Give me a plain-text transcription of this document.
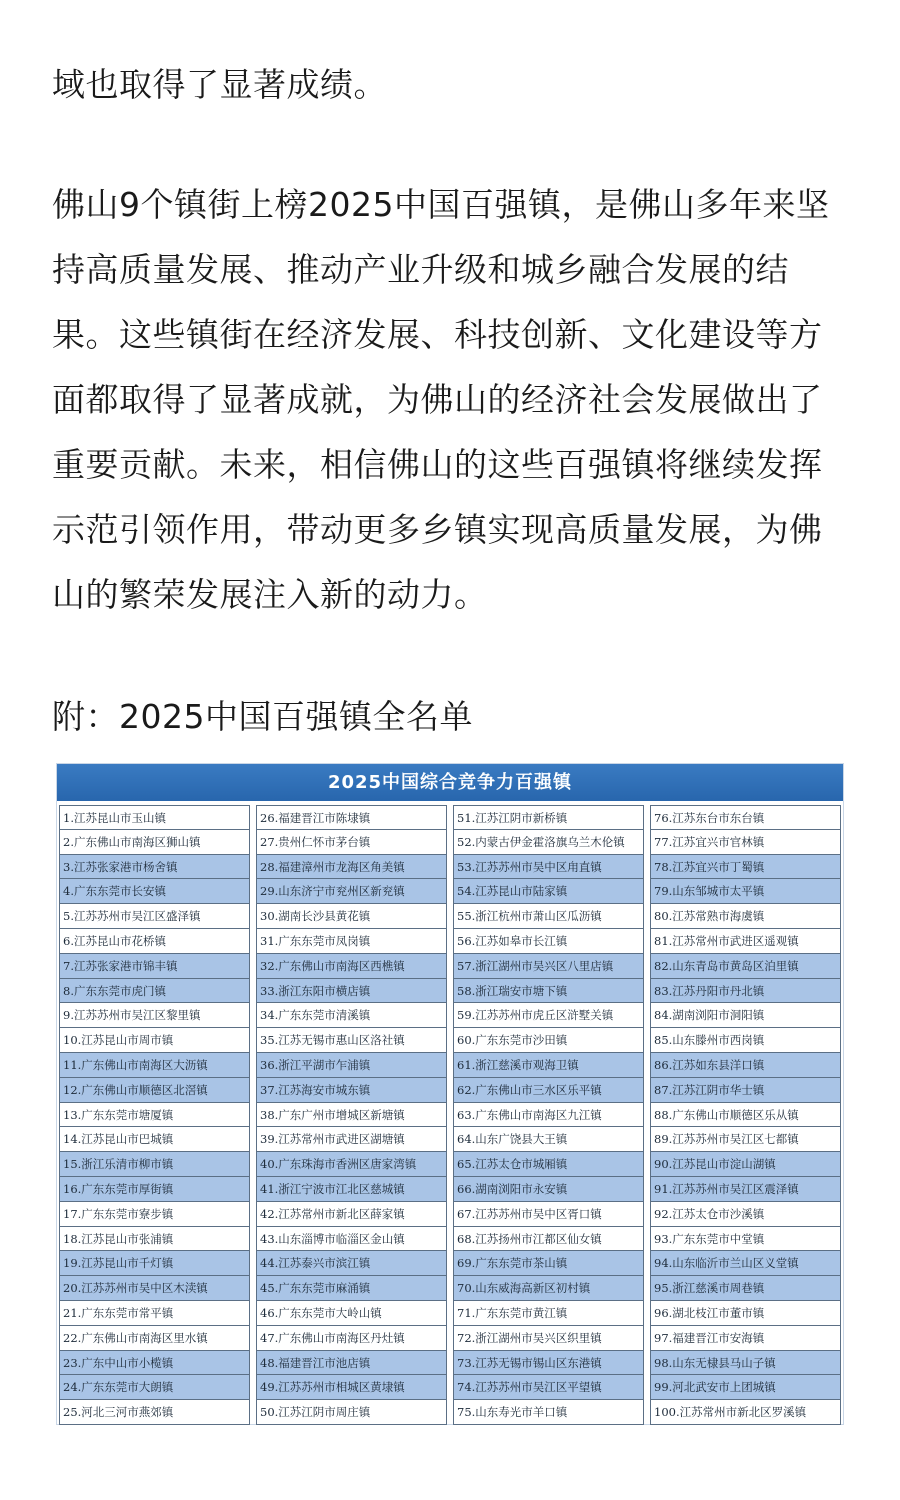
域也取得了显著成绩。

佛山9个镇街上榜2025中国百强镇，是佛山多年来坚持高质量发展、推动产业升级和城乡融合发展的结果。这些镇街在经济发展、科技创新、文化建设等方面都取得了显著成就，为佛山的经济社会发展做出了重要贡献。未来，相信佛山的这些百强镇将继续发挥示范引领作用，带动更多乡镇实现高质量发展，为佛山的繁荣发展注入新的动力。

附：2025中国百强镇全名单

2025中国综合竞争力百强镇
1.江苏昆山市玉山镇
2.广东佛山市南海区狮山镇
3.江苏张家港市杨舍镇
4.广东东莞市长安镇
5.江苏苏州市吴江区盛泽镇
6.江苏昆山市花桥镇
7.江苏张家港市锦丰镇
8.广东东莞市虎门镇
9.江苏苏州市吴江区黎里镇
10.江苏昆山市周市镇
11.广东佛山市南海区大沥镇
12.广东佛山市顺德区北滘镇
13.广东东莞市塘厦镇
14.江苏昆山市巴城镇
15.浙江乐清市柳市镇
16.广东东莞市厚街镇
17.广东东莞市寮步镇
18.江苏昆山市张浦镇
19.江苏昆山市千灯镇
20.江苏苏州市吴中区木渎镇
21.广东东莞市常平镇
22.广东佛山市南海区里水镇
23.广东中山市小榄镇
24.广东东莞市大朗镇
25.河北三河市燕郊镇
26.福建晋江市陈埭镇
27.贵州仁怀市茅台镇
28.福建漳州市龙海区角美镇
29.山东济宁市兖州区新兖镇
30.湖南长沙县黄花镇
31.广东东莞市凤岗镇
32.广东佛山市南海区西樵镇
33.浙江东阳市横店镇
34.广东东莞市清溪镇
35.江苏无锡市惠山区洛社镇
36.浙江平湖市乍浦镇
37.江苏海安市城东镇
38.广东广州市增城区新塘镇
39.江苏常州市武进区湖塘镇
40.广东珠海市香洲区唐家湾镇
41.浙江宁波市江北区慈城镇
42.江苏常州市新北区薛家镇
43.山东淄博市临淄区金山镇
44.江苏泰兴市滨江镇
45.广东东莞市麻涌镇
46.广东东莞市大岭山镇
47.广东佛山市南海区丹灶镇
48.福建晋江市池店镇
49.江苏苏州市相城区黄埭镇
50.江苏江阴市周庄镇
51.江苏江阴市新桥镇
52.内蒙古伊金霍洛旗乌兰木伦镇
53.江苏苏州市吴中区甪直镇
54.江苏昆山市陆家镇
55.浙江杭州市萧山区瓜沥镇
56.江苏如皋市长江镇
57.浙江湖州市吴兴区八里店镇
58.浙江瑞安市塘下镇
59.江苏苏州市虎丘区浒墅关镇
60.广东东莞市沙田镇
61.浙江慈溪市观海卫镇
62.广东佛山市三水区乐平镇
63.广东佛山市南海区九江镇
64.山东广饶县大王镇
65.江苏太仓市城厢镇
66.湖南浏阳市永安镇
67.江苏苏州市吴中区胥口镇
68.江苏扬州市江都区仙女镇
69.广东东莞市茶山镇
70.山东威海高新区初村镇
71.广东东莞市黄江镇
72.浙江湖州市吴兴区织里镇
73.江苏无锡市锡山区东港镇
74.江苏苏州市吴江区平望镇
75.山东寿光市羊口镇
76.江苏东台市东台镇
77.江苏宜兴市官林镇
78.江苏宜兴市丁蜀镇
79.山东邹城市太平镇
80.江苏常熟市海虞镇
81.江苏常州市武进区遥观镇
82.山东青岛市黄岛区泊里镇
83.江苏丹阳市丹北镇
84.湖南浏阳市洞阳镇
85.山东滕州市西岗镇
86.江苏如东县洋口镇
87.江苏江阴市华士镇
88.广东佛山市顺德区乐从镇
89.江苏苏州市吴江区七都镇
90.江苏昆山市淀山湖镇
91.江苏苏州市吴江区震泽镇
92.江苏太仓市沙溪镇
93.广东东莞市中堂镇
94.山东临沂市兰山区义堂镇
95.浙江慈溪市周巷镇
96.湖北枝江市董市镇
97.福建晋江市安海镇
98.山东无棣县马山子镇
99.河北武安市上团城镇
100.江苏常州市新北区罗溪镇
